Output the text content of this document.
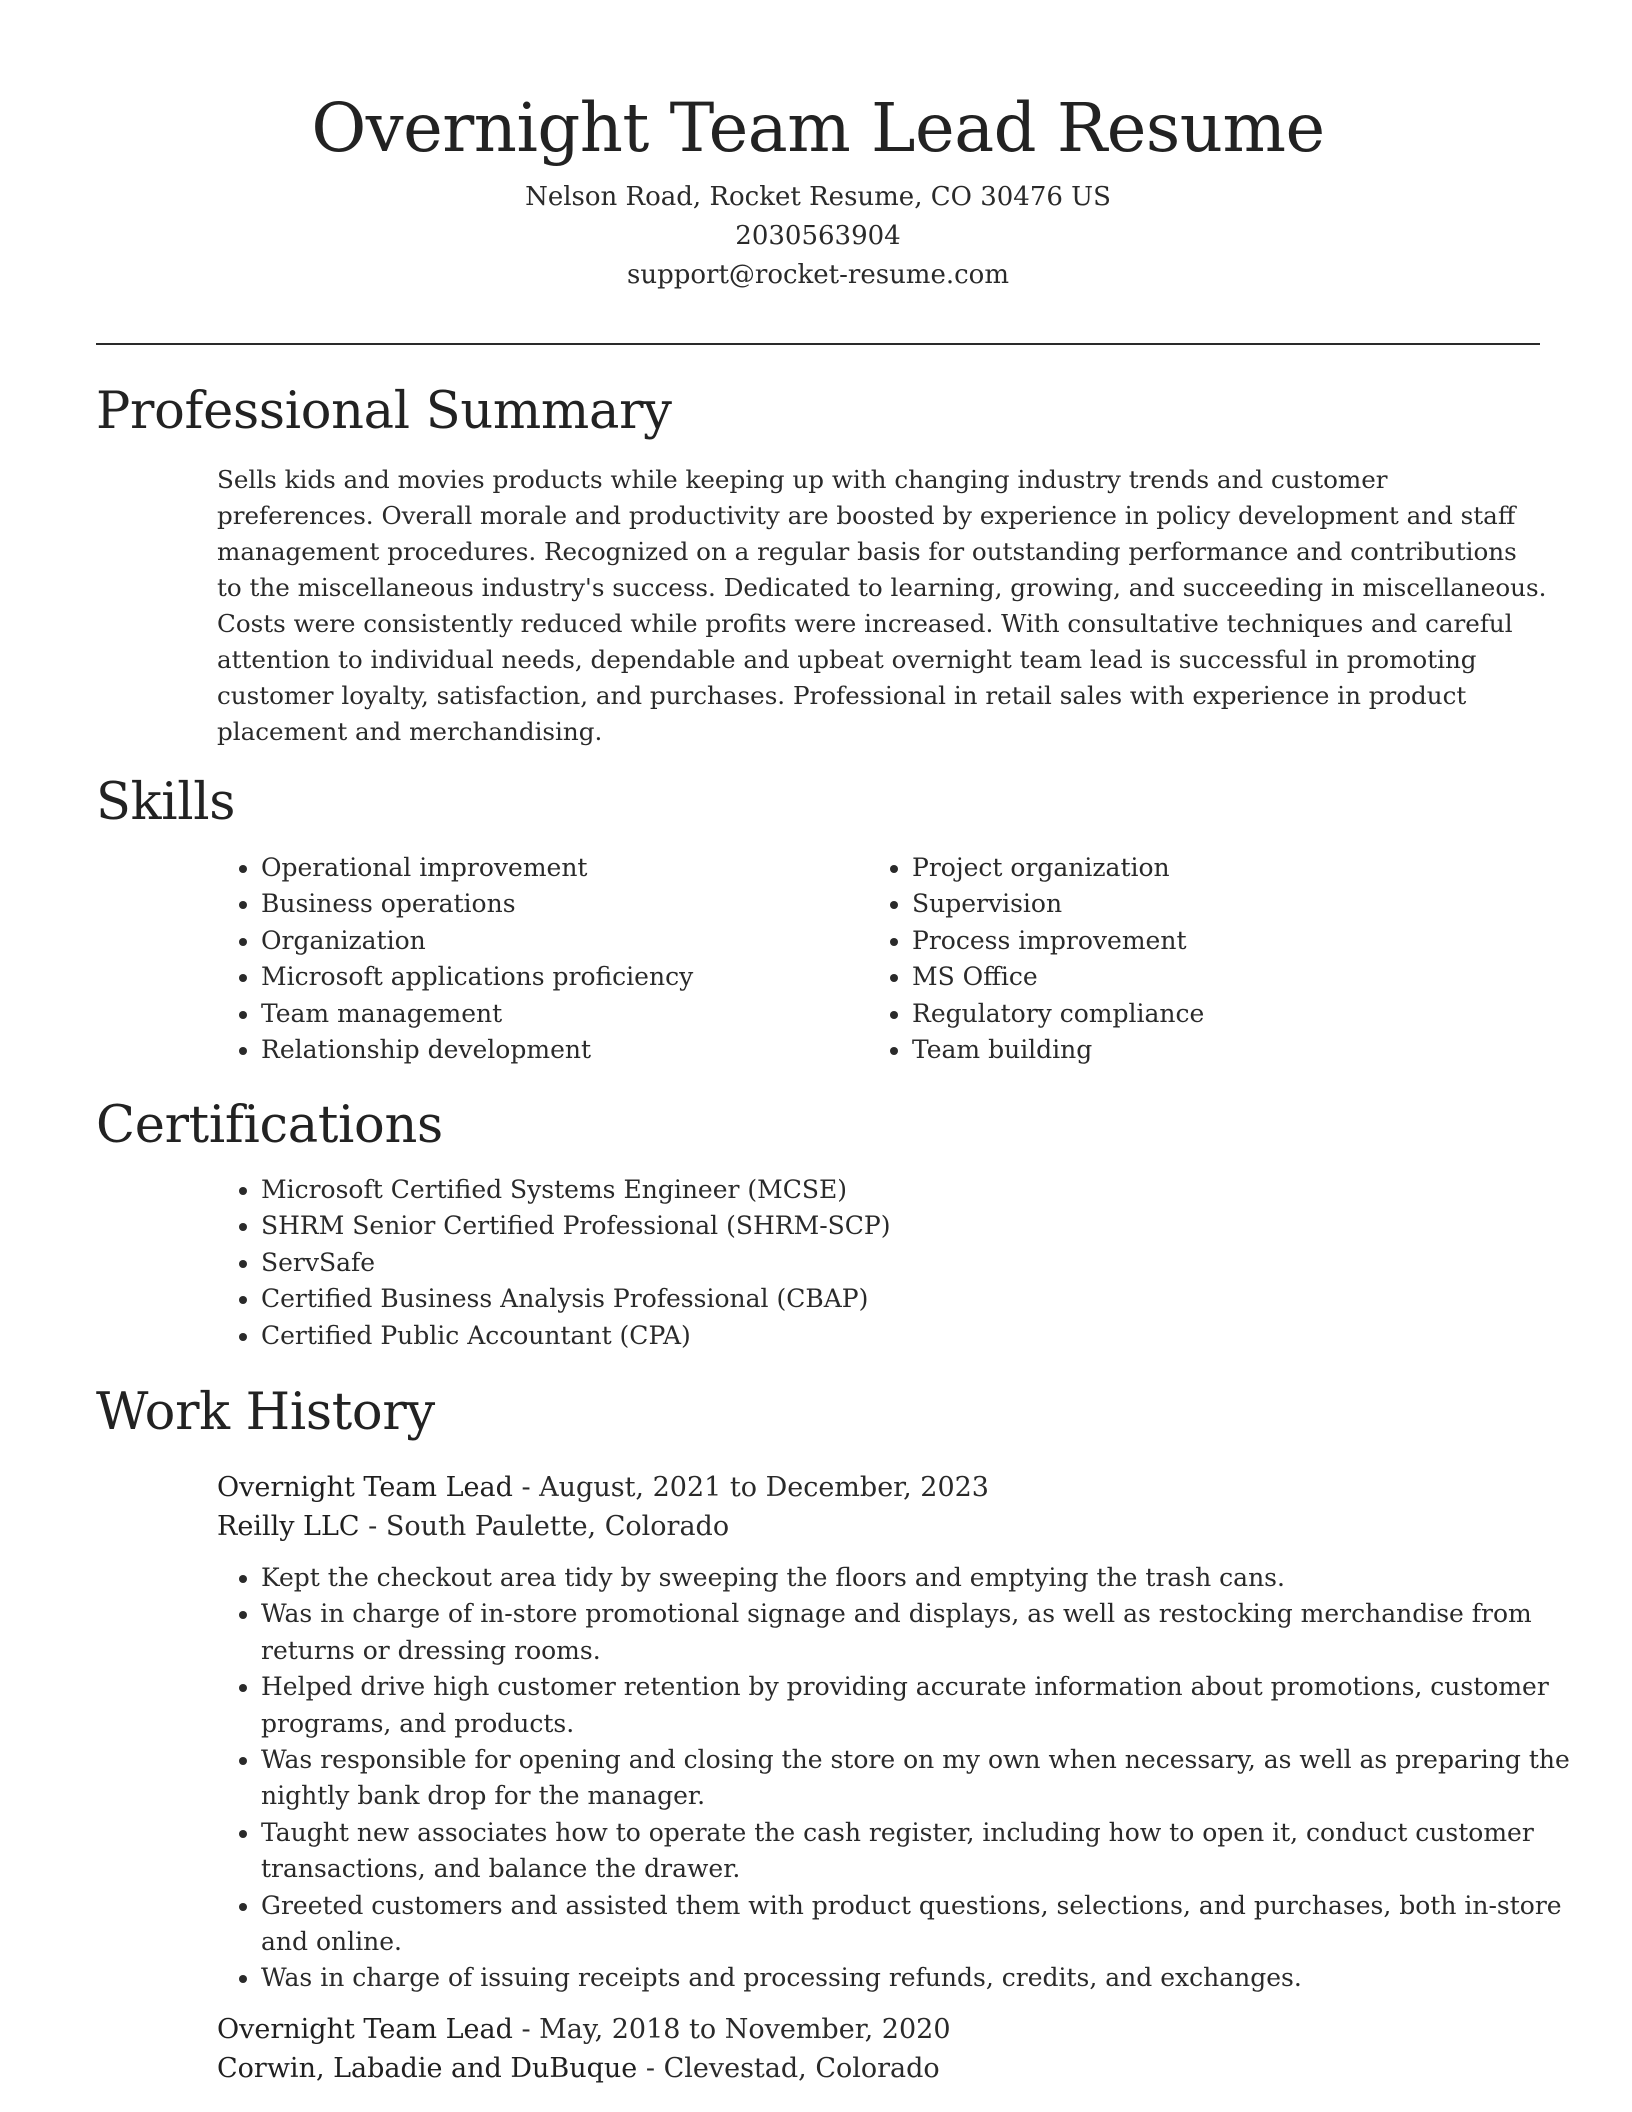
Overnight Team Lead Resume
Nelson Road, Rocket Resume, CO 30476 US
2030563904
support@rocket-resume.com
Professional Summary

Sells kids and movies products while keeping up with changing industry trends and customer preferences. Overall morale and productivity are boosted by experience in policy development and staff management procedures. Recognized on a regular basis for outstanding performance and contributions to the miscellaneous industry's success. Dedicated to learning, growing, and succeeding in miscellaneous. Costs were consistently reduced while profits were increased. With consultative techniques and careful attention to individual needs, dependable and upbeat overnight team lead is successful in promoting customer loyalty, satisfaction, and purchases. Professional in retail sales with experience in product placement and merchandising.

Skills
• Operational improvement
• Business operations
• Organization
• Microsoft applications proficiency
• Team management
• Relationship development
• Project organization
• Supervision
• Process improvement
• MS Office
• Regulatory compliance
• Team building
Certifications
• Microsoft Certified Systems Engineer (MCSE)
• SHRM Senior Certified Professional (SHRM-SCP)
• ServSafe
• Certified Business Analysis Professional (CBAP)
• Certified Public Accountant (CPA)
Work History
Overnight Team Lead - August, 2021 to December, 2023
Reilly LLC - South Paulette, Colorado
• Kept the checkout area tidy by sweeping the floors and emptying the trash cans.
• Was in charge of in-store promotional signage and displays, as well as restocking merchandise from returns or dressing rooms.
• Helped drive high customer retention by providing accurate information about promotions, customer programs, and products.
• Was responsible for opening and closing the store on my own when necessary, as well as preparing the nightly bank drop for the manager.
• Taught new associates how to operate the cash register, including how to open it, conduct customer transactions, and balance the drawer.
• Greeted customers and assisted them with product questions, selections, and purchases, both in-store and online.
• Was in charge of issuing receipts and processing refunds, credits, and exchanges.
Overnight Team Lead - May, 2018 to November, 2020
Corwin, Labadie and DuBuque - Clevestad, Colorado
